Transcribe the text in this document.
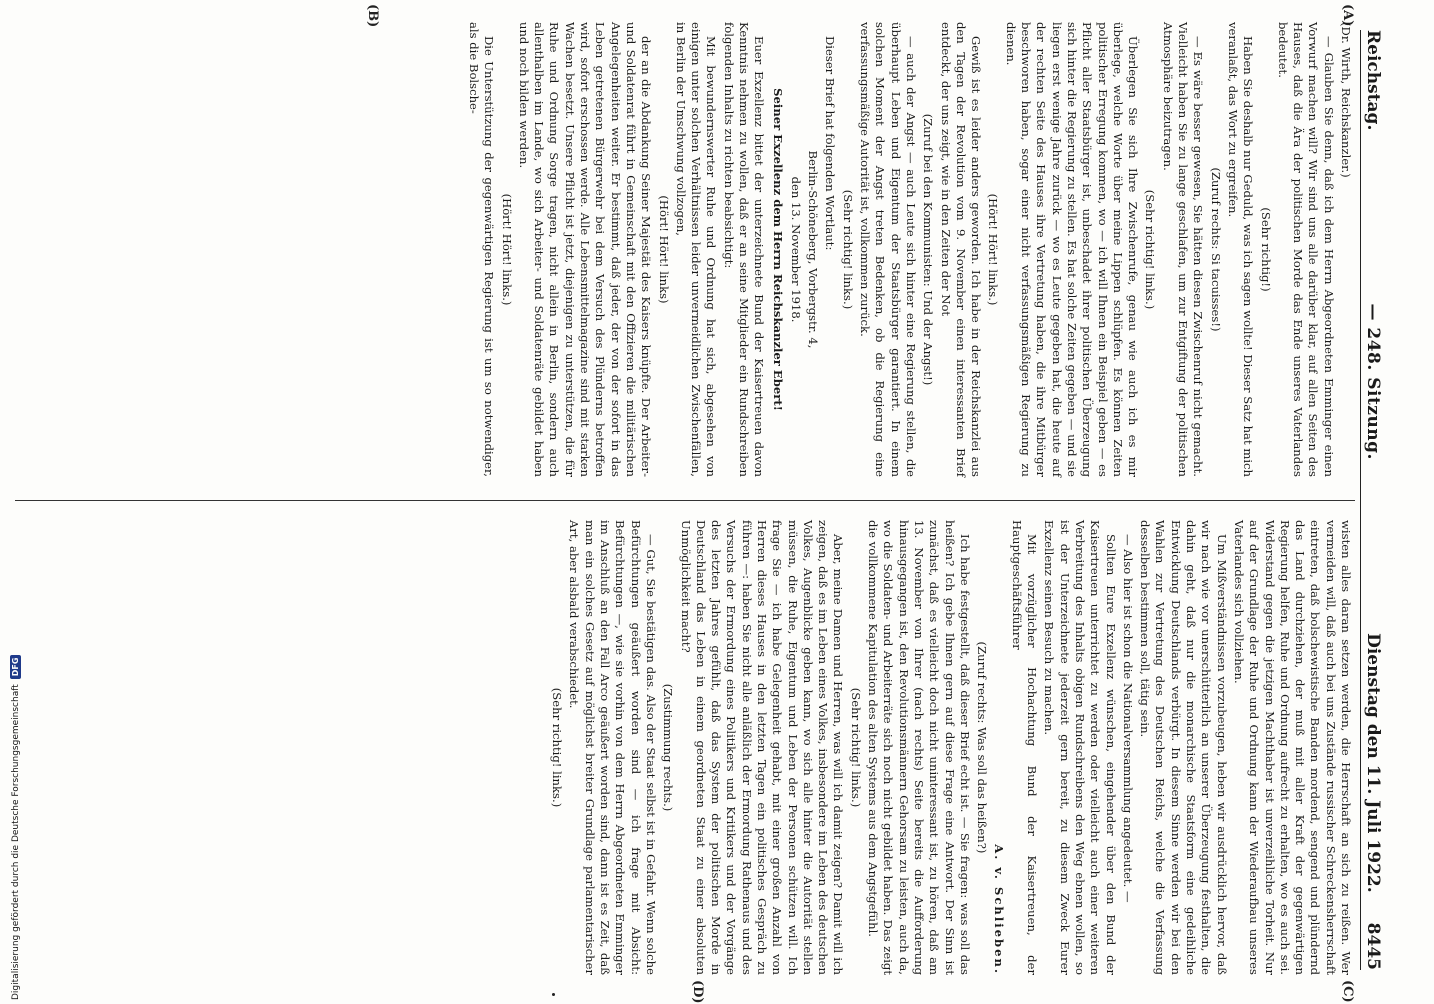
Reichstag.
— 248. Sitzung.
Dienstag den 11. Juli 1922.
8445
(A)
(B)
(C)
(D)

(Dr. Wirth, Reichskanzler.)

— Glauben Sie denn, daß ich dem Herrn Abgeordneten Emminger einen Vorwurf machen will? Wir sind uns alle darüber klar, auf allen Seiten des Hauses, daß die Ära der politischen Morde das Ende unseres Vaterlandes bedeutet.

(Sehr richtig!)

Haben Sie deshalb nur Geduld, was ich sagen wollte! Dieser Satz hat mich veranlaßt, das Wort zu ergreifen.

(Zuruf rechts: Si tacuisses!)

— Es wäre besser gewesen, Sie hätten diesen Zwischenruf nicht gemacht. Vielleicht haben Sie zu lange geschlafen, um zur Entgiftung der politischen Atmosphäre beizutragen.

(Sehr richtig! links.)

Überlegen Sie sich Ihre Zwischenrufe, genau wie auch ich es mir überlege, welche Worte über meine Lippen schlüpfen. Es können Zeiten politischer Erregung kommen, wo — ich will Ihnen ein Beispiel geben — es Pflicht aller Staatsbürger ist, unbeschadet ihrer politischen Überzeugung sich hinter die Regierung zu stellen. Es hat solche Zeiten gegeben — und sie liegen erst wenige Jahre zurück — wo es Leute gegeben hat, die heute auf der rechten Seite des Hauses ihre Vertretung haben, die ihre Mitbürger beschworen haben, sogar einer nicht verfassungsmäßigen Regierung zu dienen.

(Hört! Hört! links.)

Gewiß ist es leider anders geworden. Ich habe in der Reichskanzlei aus den Tagen der Revolution vom 9. November einen interessanten Brief entdeckt, der uns zeigt, wie in den Zeiten der Not

(Zuruf bei den Kommunisten: Und der Angst!)

— auch der Angst — auch Leute sich hinter eine Regierung stellen, die überhaupt Leben und Eigentum der Staatsbürger garantiert. In einem solchen Moment der Angst treten Bedenken, ob die Regierung eine verfassungsmäßige Autorität ist, vollkommen zurück.

(Sehr richtig! links.)

Dieser Brief hat folgenden Wortlaut:

Berlin-Schöneberg, Vorbergstr. 4,

den 13. November 1918.

Seiner Exzellenz dem Herrn Reichskanzler Ebert!

Euer Exzellenz bittet der unterzeichnete Bund der Kaisertreuen davon Kenntnis nehmen zu wollen, daß er an seine Mitglieder ein Rundschreiben folgenden Inhalts zu richten beabsichtigt:

Mit bewundernswerter Ruhe und Ordnung hat sich, abgesehen von einigen unter solchen Verhältnissen leider unvermeidlichen Zwischenfällen, in Berlin der Umschwung vollzogen,

(Hört! Hört! links)

der an die Abdankung Seiner Majestät des Kaisers knüpfte. Der Arbeiter- und Soldatenrat führt in Gemeinschaft mit den Offizieren die militärischen Angelegenheiten weiter. Er bestimmt, daß jeder, der von der sofort in das Leben getretenen Bürgerwehr bei dem Versuch des Plünderns betroffen wird, sofort erschossen werde. Alle Lebensmittelmagazine sind mit starken Wachen besetzt. Unsere Pflicht ist jetzt, diejenigen zu unterstützen, die für Ruhe und Ordnung Sorge tragen, nicht allein in Berlin, sondern auch allenthalben im Lande, wo sich Arbeiter- und Soldatenräte gebildet haben und noch bilden werden.

(Hört! Hört! links.)

Die Unterstützung der gegenwärtigen Regierung ist um so notwendiger, als die Bolsche-

wisten alles daran setzen werden, die Herrschaft an sich zu reißen. Wer vermeiden will, daß auch bei uns Zustände russischer Schreckensherrschaft eintreten, daß bolschewistische Banden mordend, sengend und plündernd das Land durchziehen, der muß mit aller Kraft der gegenwärtigen Regierung helfen, Ruhe und Ordnung aufrecht zu erhalten, wo es auch sei. Widerstand gegen die jetzigen Machthaber ist unverzeihliche Torheit. Nur auf der Grundlage der Ruhe und Ordnung kann der Wiederaufbau unseres Vaterlandes sich vollziehen.

Um Mißverständnissen vorzubeugen, heben wir ausdrücklich hervor, daß wir nach wie vor unerschütterlich an unserer Überzeugung festhalten, die dahin geht, daß nur die monarchische Staatsform eine gedeihliche Entwicklung Deutschlands verbürgt. In diesem Sinne werden wir bei den Wahlen zur Vertretung des Deutschen Reichs, welche die Verfassung desselben bestimmen soll, tätig sein.

— Also hier ist schon die Nationalversammlung angedeutet. —

Sollten Eure Exzellenz wünschen, eingehender über den Bund der Kaisertreuen unterrichtet zu werden oder vielleicht auch einer weiteren Verbreitung des Inhalts obigen Rundschreibens den Weg ebnen wollen, so ist der Unterzeichnete jederzeit gern bereit, zu diesem Zweck Eurer Exzellenz seinen Besuch zu machen.

Mit vorzüglicher Hochachtung Bund der Kaisertreuen, der Hauptgeschäftsführer

A. v. Schlieben.

(Zuruf rechts: Was soll das heißen?)

Ich habe festgestellt, daß dieser Brief echt ist. — Sie fragen: was soll das heißen? Ich gebe Ihnen gern auf diese Frage eine Antwort. Der Sinn ist zunächst, daß es vielleicht doch nicht uninteressant ist, zu hören, daß am 13. November von Ihrer (nach rechts) Seite bereits die Aufforderung hinausgegangen ist, den Revolutionsmännern Gehorsam zu leisten, auch da, wo die Soldaten- und Arbeiterräte sich noch nicht gebildet haben. Das zeigt die vollkommene Kapitulation des alten Systems aus dem Angstgefühl.

(Sehr richtig! links.)

Aber, meine Damen und Herren, was will ich damit zeigen? Damit will ich zeigen, daß es im Leben eines Volkes, insbesondere im Leben des deutschen Volkes, Augenblicke geben kann, wo sich alle hinter die Autorität stellen müssen, die Ruhe, Eigentum und Leben der Personen schützen will. Ich frage Sie — ich habe Gelegenheit gehabt, mit einer großen Anzahl von Herren dieses Hauses in den letzten Tagen ein politisches Gespräch zu führen —: haben Sie nicht alle anläßlich der Ermordung Rathenaus und des Versuchs der Ermordung eines Politikers und Kritikers und der Vorgänge des letzten Jahres gefühlt, daß das System der politischen Morde in Deutschland das Leben in einem geordneten Staat zu einer absoluten Unmöglichkeit macht?

(Zustimmung rechts.)

— Gut, Sie bestätigen das. Also der Staat selbst ist in Gefahr. Wenn solche Befürchtungen geäußert worden sind — ich frage mit Absicht: Befürchtungen —, wie sie vorhin von dem Herrn Abgeordneten Emminger im Anschluß an den Fall Arco geäußert worden sind, dann ist es Zeit, daß man ein solches Gesetz auf möglichst breiter Grundlage parlamentarischer Art, aber alsbald verabschiedet.

(Sehr richtig! links.)

Digitalisierung gefördert durch die Deutsche Forschungsgemeinschaft
DFG
